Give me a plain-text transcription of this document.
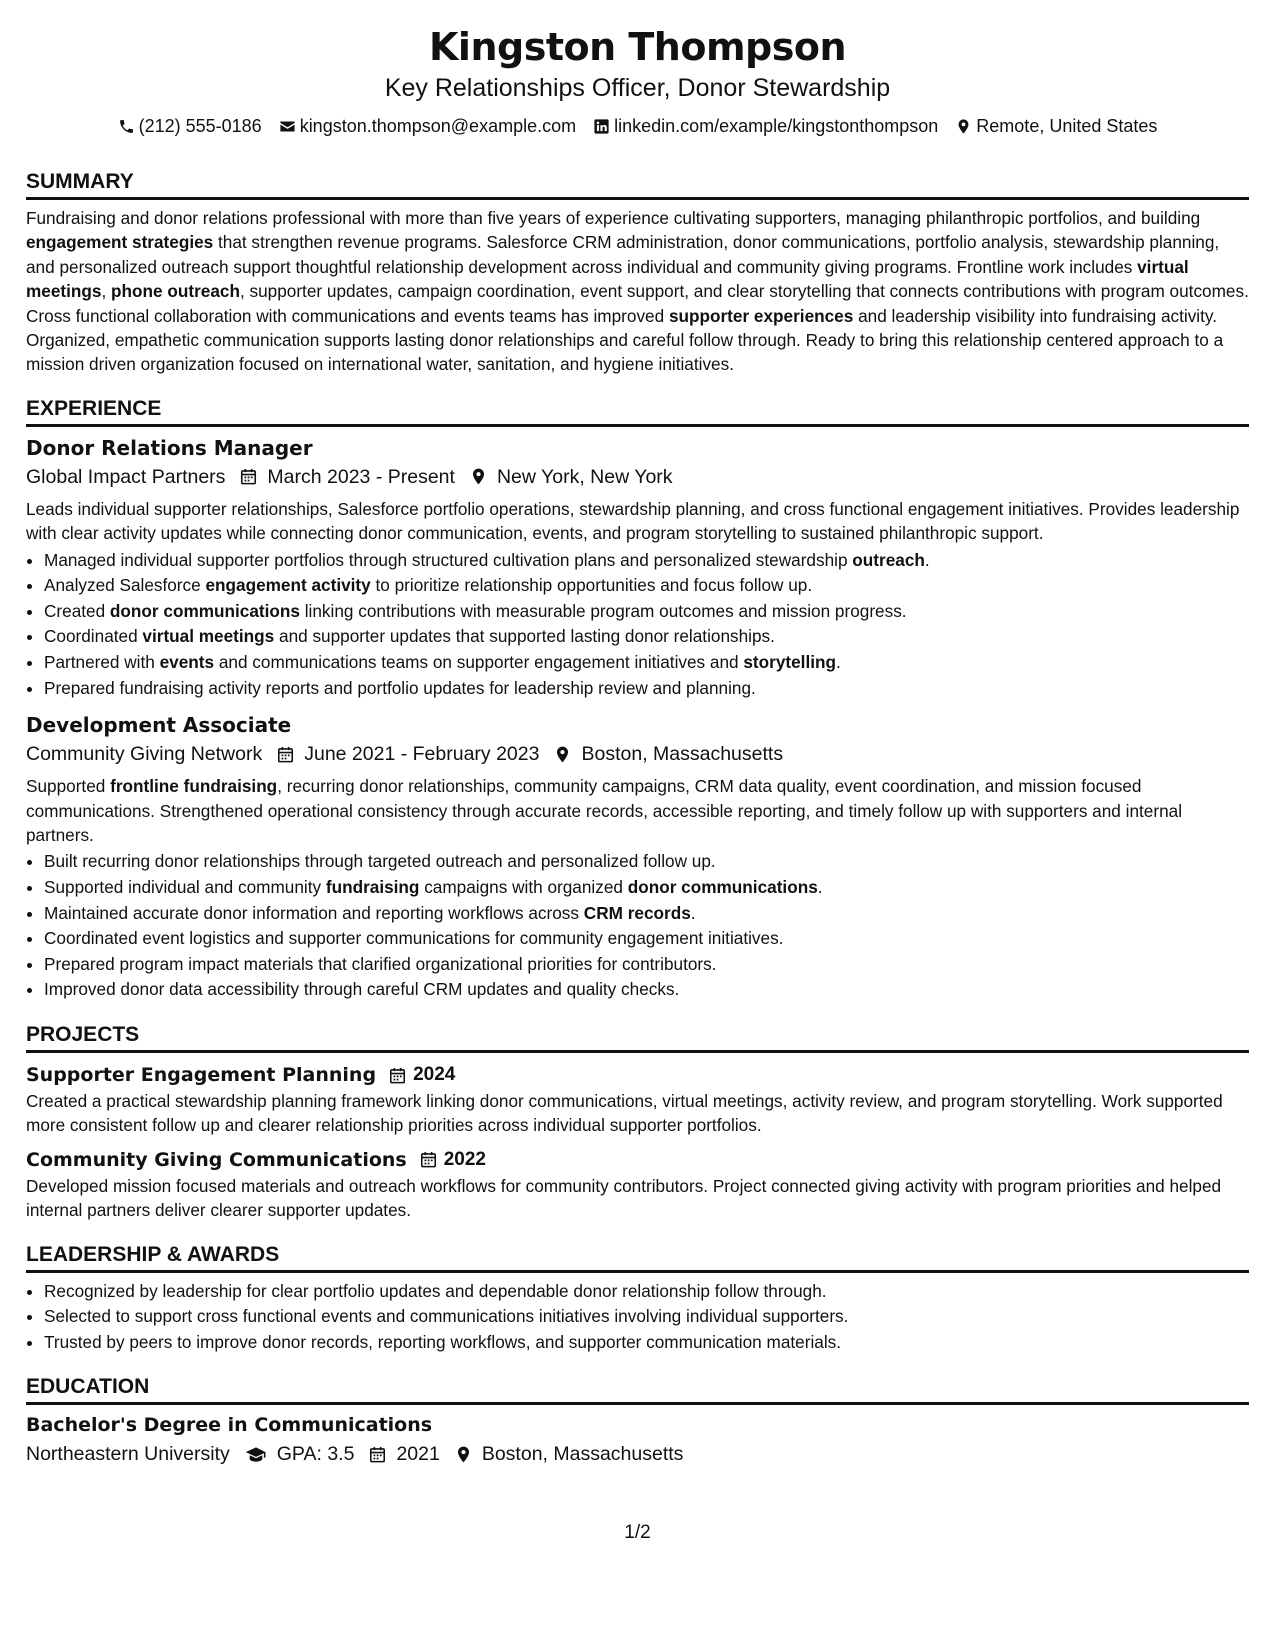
Kingston Thompson
Key Relationships Officer, Donor Stewardship
(212) 555-0186 kingston.thompson@example.com linkedin.com/example/kingstonthompson Remote, United States
SUMMARY
Fundraising and donor relations professional with more than five years of experience cultivating supporters, managing philanthropic portfolios, and building engagement strategies that strengthen revenue programs. Salesforce CRM administration, donor communications, portfolio analysis, stewardship planning, and personalized outreach support thoughtful relationship development across individual and community giving programs. Frontline work includes virtual meetings, phone outreach, supporter updates, campaign coordination, event support, and clear storytelling that connects contributions with program outcomes. Cross functional collaboration with communications and events teams has improved supporter experiences and leadership visibility into fundraising activity. Organized, empathetic communication supports lasting donor relationships and careful follow through. Ready to bring this relationship centered approach to a mission driven organization focused on international water, sanitation, and hygiene initiatives.
EXPERIENCE
Donor Relations Manager
Global Impact Partners March 2023 - Present New York, New York
Leads individual supporter relationships, Salesforce portfolio operations, stewardship planning, and cross functional engagement initiatives. Provides leadership with clear activity updates while connecting donor communication, events, and program storytelling to sustained philanthropic support.
• Managed individual supporter portfolios through structured cultivation plans and personalized stewardship outreach.
• Analyzed Salesforce engagement activity to prioritize relationship opportunities and focus follow up.
• Created donor communications linking contributions with measurable program outcomes and mission progress.
• Coordinated virtual meetings and supporter updates that supported lasting donor relationships.
• Partnered with events and communications teams on supporter engagement initiatives and storytelling.
• Prepared fundraising activity reports and portfolio updates for leadership review and planning.
Development Associate
Community Giving Network June 2021 - February 2023 Boston, Massachusetts
Supported frontline fundraising, recurring donor relationships, community campaigns, CRM data quality, event coordination, and mission focused communications. Strengthened operational consistency through accurate records, accessible reporting, and timely follow up with supporters and internal partners.
• Built recurring donor relationships through targeted outreach and personalized follow up.
• Supported individual and community fundraising campaigns with organized donor communications.
• Maintained accurate donor information and reporting workflows across CRM records.
• Coordinated event logistics and supporter communications for community engagement initiatives.
• Prepared program impact materials that clarified organizational priorities for contributors.
• Improved donor data accessibility through careful CRM updates and quality checks.
PROJECTS
Supporter Engagement Planning 2024
Created a practical stewardship planning framework linking donor communications, virtual meetings, activity review, and program storytelling. Work supported more consistent follow up and clearer relationship priorities across individual supporter portfolios.
Community Giving Communications 2022
Developed mission focused materials and outreach workflows for community contributors. Project connected giving activity with program priorities and helped internal partners deliver clearer supporter updates.
LEADERSHIP & AWARDS
• Recognized by leadership for clear portfolio updates and dependable donor relationship follow through.
• Selected to support cross functional events and communications initiatives involving individual supporters.
• Trusted by peers to improve donor records, reporting workflows, and supporter communication materials.
EDUCATION
Bachelor's Degree in Communications
Northeastern University GPA: 3.5 2021 Boston, Massachusetts
1/2
